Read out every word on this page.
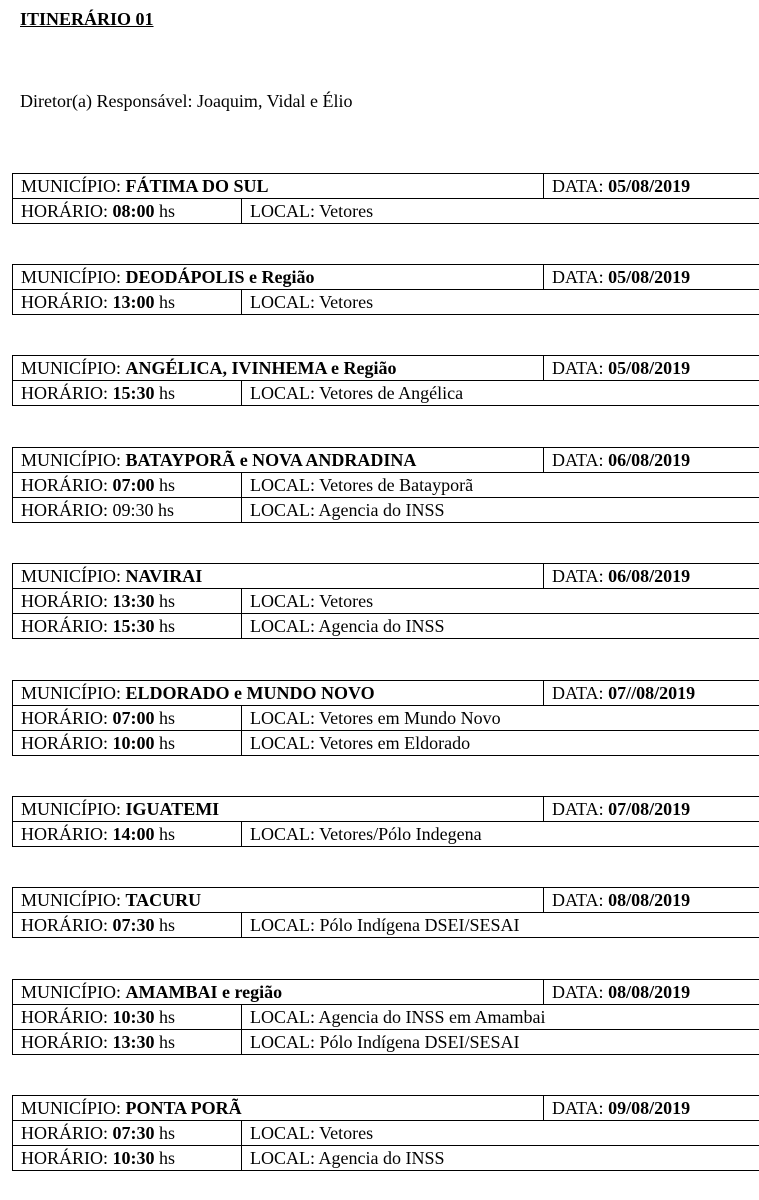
ITINERÁRIO 01
Diretor(a) Responsável: Joaquim, Vidal e Élio
MUNICÍPIO: FÁTIMA DO SUL		DATA: 05/08/2019
HORÁRIO: 08:00 hs	LOCAL: Vetores	
MUNICÍPIO: DEODÁPOLIS e Região		DATA: 05/08/2019
HORÁRIO: 13:00 hs	LOCAL: Vetores	
MUNICÍPIO: ANGÉLICA, IVINHEMA e Região		DATA: 05/08/2019
HORÁRIO: 15:30 hs	LOCAL: Vetores de Angélica	
MUNICÍPIO: BATAYPORÃ e NOVA ANDRADINA		DATA: 06/08/2019
HORÁRIO: 07:00 hs	LOCAL: Vetores de Batayporã	
HORÁRIO: 09:30 hs	LOCAL: Agencia do INSS	
MUNICÍPIO: NAVIRAI		DATA: 06/08/2019
HORÁRIO: 13:30 hs	LOCAL: Vetores	
HORÁRIO: 15:30 hs	LOCAL: Agencia do INSS	
MUNICÍPIO: ELDORADO e MUNDO NOVO		DATA: 07//08/2019
HORÁRIO: 07:00 hs	LOCAL: Vetores em Mundo Novo	
HORÁRIO: 10:00 hs	LOCAL: Vetores em Eldorado	
MUNICÍPIO: IGUATEMI		DATA: 07/08/2019
HORÁRIO: 14:00 hs	LOCAL: Vetores/Pólo Indegena	
MUNICÍPIO: TACURU		DATA: 08/08/2019
HORÁRIO: 07:30 hs	LOCAL: Pólo Indígena DSEI/SESAI	
MUNICÍPIO: AMAMBAI e região		DATA: 08/08/2019
HORÁRIO: 10:30 hs	LOCAL: Agencia do INSS em Amambai	
HORÁRIO: 13:30 hs	LOCAL: Pólo Indígena DSEI/SESAI	
MUNICÍPIO: PONTA PORÃ		DATA: 09/08/2019
HORÁRIO: 07:30 hs	LOCAL: Vetores	
HORÁRIO: 10:30 hs	LOCAL: Agencia do INSS	
